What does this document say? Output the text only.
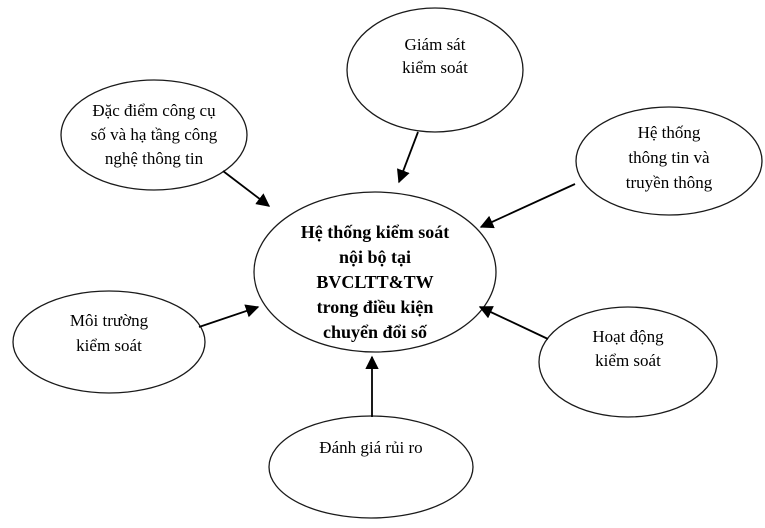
Hệ thống kiểm soát
nội bộ tại
BVCLTT&TW
trong điều kiện
chuyển đổi số
Giám sát
kiểm soát
Đặc điểm công cụ
số và hạ tầng công
nghệ thông tin
Hệ thống
thông tin và
truyền thông
Môi trường
kiểm soát	Hoạt động
kiểm soát
Đánh giá rủi ro
